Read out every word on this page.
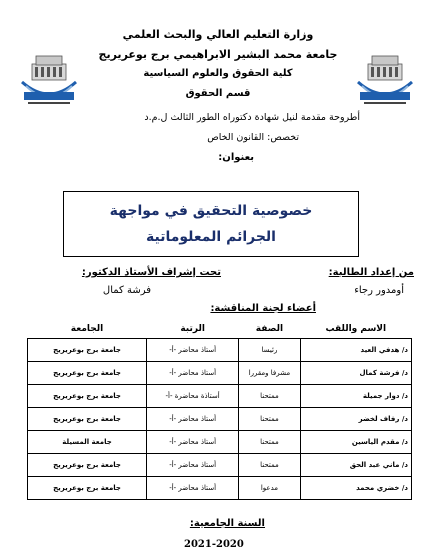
وزارة التعليم العالي والبحث العلمي
جامعة محمد البشير الابراهيمي برج بوعريريج
كلية الحقوق والعلوم السياسية
قسم الحقوق
أطروحة مقدمة لنيل شهادة دكتوراه الطور الثالث ل.م.د
تخصص: القانون الخاص
بعنوان:
خصوصية التحقيق في مواجهة
الجرائم المعلوماتية
من إعداد الطالبة:
أومدور رجاء
تحت إشراف الأستاذ الدكتور:
فرشة كمال
أعضاء لجنة المناقشة:
الاسم واللقب	الصفة	الرتبة	الجامعة
د/ هدفي العيد	رئيسا	أستاذ محاضر -أ-	جامعة برج بوعريريج
د/ فرشة كمال	مشرفا ومقررا	أستاذ محاضر -أ-	جامعة برج بوعريريج
د/ دوار جميلة	ممتحنا	أستاذة محاضرة -أ-	جامعة برج بوعريريج
د/ رفاف لخضر	ممتحنا	أستاذ محاضر -أ-	جامعة برج بوعريريج
د/ مقدم الياسين	ممتحنا	أستاذ محاضر -أ-	جامعة المسيلة
د/ ماني عبد الحق	ممتحنا	أستاذ محاضر -أ-	جامعة برج بوعريريج
د/ خضري محمد	مدعوا	أستاذ محاضر -أ-	جامعة برج بوعريريج
السنة الجامعية:
2021-2020
